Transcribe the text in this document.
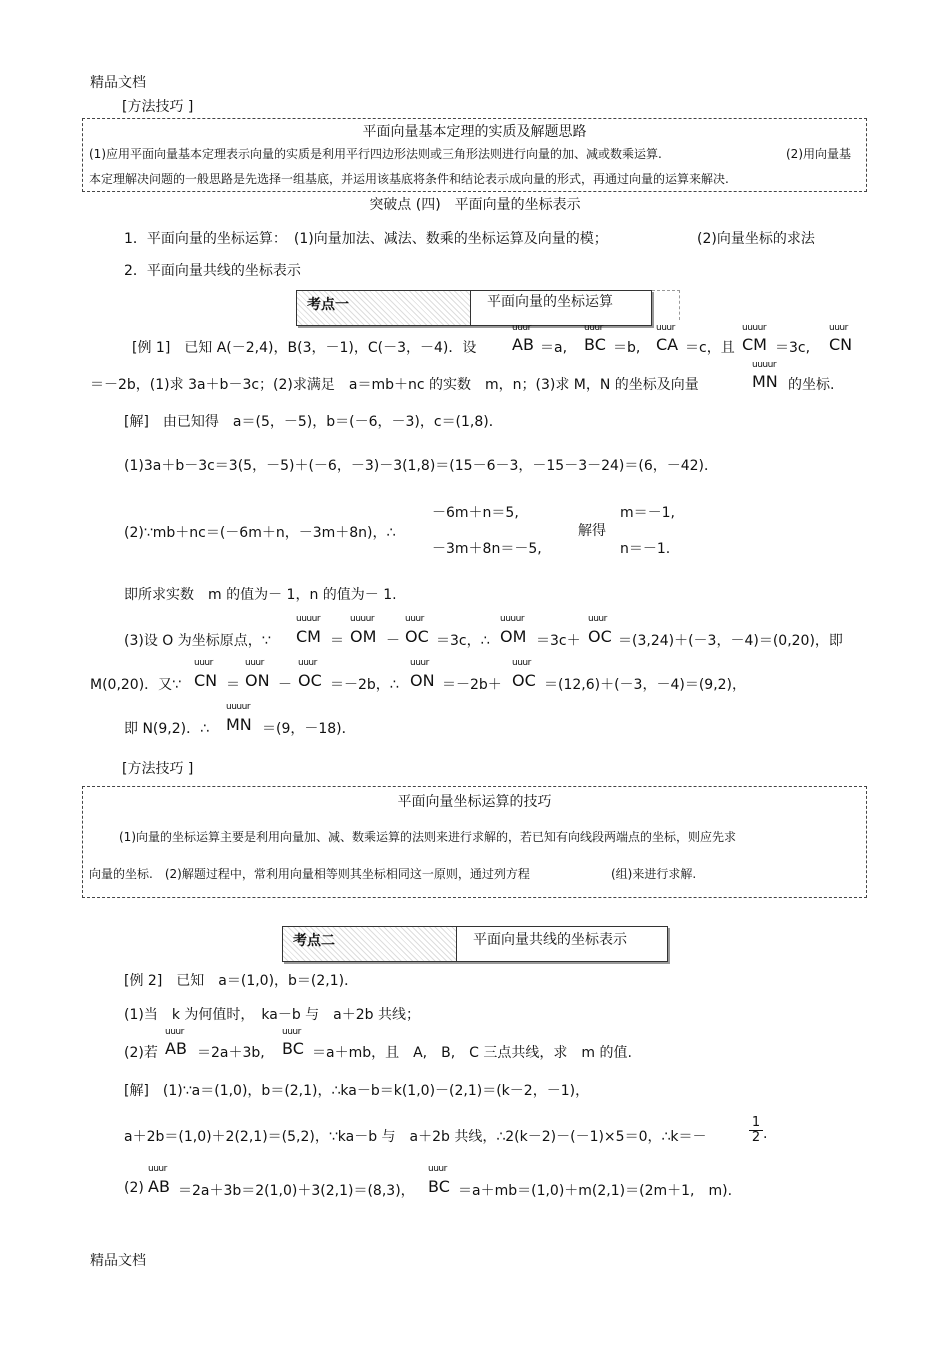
精品文档
[方法技巧 ]
平面向量基本定理的实质及解题思路
(1)应用平面向量基本定理表示向量的实质是利用平行四边形法则或三角形法则进行向量的加、减或数乘运算.	(2)用向量基
本定理解决问题的一般思路是先选择一组基底，并运用该基底将条件和结论表示成向量的形式，再通过向量的运算来解决.
突破点 (四)　平面向量的坐标表示
1．平面向量的坐标运算：　(1)向量加法、减法、数乘的坐标运算及向量的模；	(2)向量坐标的求法
2．平面向量共线的坐标表示
考点一	平面向量的坐标运算
[例 1]　已知 A(－2,4)，B(3，－1)，C(－3，－4)．设
uuur
AB ＝a,
uuur
BC ＝b,
uuur
CA ＝c，且
uuuur
CM ＝3c,
uuur
CN
＝－2b，(1)求 3a＋b－3c；(2)求满足　a＝mb＋nc 的实数　m，n；(3)求 M，N 的坐标及向量
uuuur
MN 的坐标.
[解]　由已知得　a＝(5，－5)，b＝(－6，－3)，c＝(1,8)．
(1)3a＋b－3c＝3(5，－5)＋(－6，－3)－3(1,8)＝(15－6－3，－15－3－24)＝(6，－42)．
(2)∵mb＋nc＝(－6m＋n，－3m＋8n)，∴
－6m＋n＝5,
－3m＋8n＝－5,
解得
m＝－1,
n＝－1.
即所求实数　m 的值为－ 1，n 的值为－ 1.
(3)设 O 为坐标原点，∵
uuuur
CM ＝
uuuur
OM －
uuur
OC ＝3c，∴
uuuur
OM ＝3c＋
uuur
OC ＝(3,24)＋(－3，－4)＝(0,20)，即
M(0,20)．又∵
uuur
CN ＝
uuur
ON －
uuur
OC ＝－2b，∴
uuur
ON ＝－2b＋
uuur
OC ＝(12,6)＋(－3，－4)＝(9,2)，
即 N(9,2)．∴
uuuur
MN ＝(9，－18)．
[方法技巧 ]
平面向量坐标运算的技巧
(1)向量的坐标运算主要是利用向量加、减、数乘运算的法则来进行求解的，若已知有向线段两端点的坐标，则应先求
向量的坐标.　(2)解题过程中，常利用向量相等则其坐标相同这一原则，通过列方程	(组)来进行求解.
考点二	平面向量共线的坐标表示
[例 2]　已知　a＝(1,0)，b＝(2,1)．
(1)当　k 为何值时，　ka－b 与　a＋2b 共线；
(2)若
uuur
AB ＝2a＋3b,
uuur
BC ＝a＋mb，且　A,　B,　C 三点共线，求　m 的值.
[解]　(1)∵a＝(1,0)，b＝(2,1)，∴ka－b＝k(1,0)－(2,1)＝(k－2，－1)，
a＋2b＝(1,0)＋2(2,1)＝(5,2)，∵ka－b 与　a＋2b 共线，∴2(k－2)－(－1)×5＝0，∴k＝－	$\frac{1}{2}$ .
(2)
uuur
AB ＝2a＋3b＝2(1,0)＋3(2,1)＝(8,3)，
uuur
BC ＝a＋mb＝(1,0)＋m(2,1)＝(2m＋1,　m).
精品文档
